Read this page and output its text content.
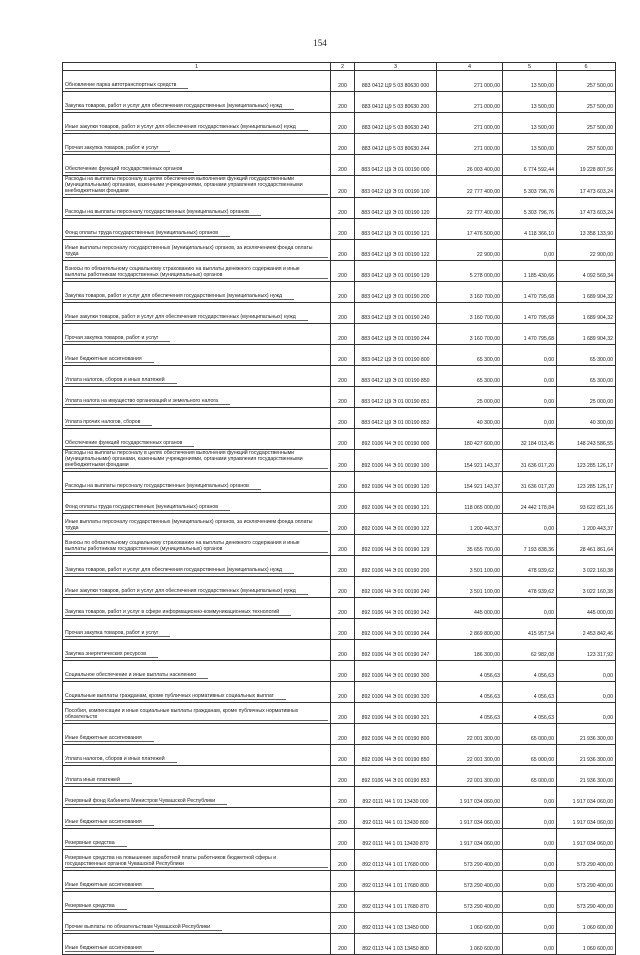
154
1	2	3	4	5	6
Обновление парка автотранспортных средств	200	883 0412 Ц9 5 03 80630 000	271 000,00	13 500,00	257 500,00
Закупка товаров, работ и услуг для обеспечения государственных (муниципальных) нужд	200	883 0412 Ц9 5 03 80630 200	271 000,00	13 500,00	257 500,00
Иные закупки товаров, работ и услуг для обеспечения государственных (муниципальных) нужд	200	883 0412 Ц9 5 03 80630 240	271 000,00	13 500,00	257 500,00
Прочая закупка товаров, работ и услуг	200	883 0412 Ц9 5 03 80630 244	271 000,00	13 500,00	257 500,00
Обеспечение функций государственных органов	200	883 0412 Ц9 Э 01 00190 000	26 003 400,00	6 774 592,44	19 228 807,56
Расходы на выплаты персоналу в целях обеспечения выполнения функций государственными (муниципальными) органами, казенными учреждениями, органами управления государственными внебюджетными фондами	200	883 0412 Ц9 Э 01 00190 100	22 777 400,00	5 303 796,76	17 473 603,24
Расходы на выплаты персоналу государственных (муниципальных) органов	200	883 0412 Ц9 Э 01 00190 120	22 777 400,00	5 303 796,76	17 473 603,24
Фонд оплаты труда государственных (муниципальных) органов	200	883 0412 Ц9 Э 01 00190 121	17 476 500,00	4 118 366,10	13 358 133,90
Иные выплаты персоналу государственных (муниципальных) органов, за исключением фонда оплаты труда	200	883 0412 Ц9 Э 01 00190 122	22 900,00	0,00	22 900,00
Взносы по обязательному социальному страхованию на выплаты денежного содержания и иные выплаты работникам государственных (муниципальных) органов	200	883 0412 Ц9 Э 01 00190 129	5 278 000,00	1 185 430,66	4 092 569,34
Закупка товаров, работ и услуг для обеспечения государственных (муниципальных) нужд	200	883 0412 Ц9 Э 01 00190 200	3 160 700,00	1 470 795,68	1 689 904,32
Иные закупки товаров, работ и услуг для обеспечения государственных (муниципальных) нужд	200	883 0412 Ц9 Э 01 00190 240	3 160 700,00	1 470 795,68	1 689 904,32
Прочая закупка товаров, работ и услуг	200	883 0412 Ц9 Э 01 00190 244	3 160 700,00	1 470 795,68	1 689 904,32
Иные бюджетные ассигнования	200	883 0412 Ц9 Э 01 00190 800	65 300,00	0,00	65 300,00
Уплата налогов, сборов и иных платежей	200	883 0412 Ц9 Э 01 00190 850	65 300,00	0,00	65 300,00
Уплата налога на имущество организаций и земельного налога	200	883 0412 Ц9 Э 01 00190 851	25 000,00	0,00	25 000,00
Уплата прочих налогов, сборов	200	883 0412 Ц9 Э 01 00190 852	40 300,00	0,00	40 300,00
Обеспечение функций государственных органов	200	892 0106 Ч4 Э 01 00190 000	180 427 600,00	32 184 013,45	148 243 586,55
Расходы на выплаты персоналу в целях обеспечения выполнения функций государственными (муниципальными) органами, казенными учреждениями, органами управления государственными внебюджетными фондами	200	892 0106 Ч4 Э 01 00190 100	154 921 143,37	31 636 017,20	123 285 126,17
Расходы на выплаты персоналу государственных (муниципальных) органов	200	892 0106 Ч4 Э 01 00190 120	154 921 143,37	31 636 017,20	123 285 126,17
Фонд оплаты труда государственных (муниципальных) органов	200	892 0106 Ч4 Э 01 00190 121	118 065 000,00	24 442 178,84	93 622 821,16
Иные выплаты персоналу государственных (муниципальных) органов, за исключением фонда оплаты труда	200	892 0106 Ч4 Э 01 00190 122	1 200 443,37	0,00	1 200 443,37
Взносы по обязательному социальному страхованию на выплаты денежного содержания и иные выплаты работникам государственных (муниципальных) органов	200	892 0106 Ч4 Э 01 00190 129	35 655 700,00	7 193 838,36	28 461 861,64
Закупка товаров, работ и услуг для обеспечения государственных (муниципальных) нужд	200	892 0106 Ч4 Э 01 00190 200	3 501 100,00	478 939,62	3 022 160,38
Иные закупки товаров, работ и услуг для обеспечения государственных (муниципальных) нужд	200	892 0106 Ч4 Э 01 00190 240	3 501 100,00	478 939,62	3 022 160,38
Закупка товаров, работ и услуг в сфере информационно-коммуникационных технологий	200	892 0106 Ч4 Э 01 00190 242	445 000,00	0,00	445 000,00
Прочая закупка товаров, работ и услуг	200	892 0106 Ч4 Э 01 00190 244	2 869 800,00	415 957,54	2 453 842,46
Закупка энергетических ресурсов	200	892 0106 Ч4 Э 01 00190 247	186 300,00	62 982,08	123 317,92
Социальное обеспечение и иные выплаты населению	200	892 0106 Ч4 Э 01 00190 300	4 056,63	4 056,63	0,00
Социальные выплаты гражданам, кроме публичных нормативных социальных выплат	200	892 0106 Ч4 Э 01 00190 320	4 056,63	4 056,63	0,00
Пособия, компенсации и иные социальные выплаты гражданам, кроме публичных нормативных обязательств	200	892 0106 Ч4 Э 01 00190 321	4 056,63	4 056,63	0,00
Иные бюджетные ассигнования	200	892 0106 Ч4 Э 01 00190 800	22 001 300,00	65 000,00	21 936 300,00
Уплата налогов, сборов и иных платежей	200	892 0106 Ч4 Э 01 00190 850	22 001 300,00	65 000,00	21 936 300,00
Уплата иных платежей	200	892 0106 Ч4 Э 01 00190 853	22 001 300,00	65 000,00	21 936 300,00
Резервный фонд Кабинета Министров Чувашской Республики	200	892 0111 Ч4 1 01 13430 000	1 917 034 060,00	0,00	1 917 034 060,00
Иные бюджетные ассигнования	200	892 0111 Ч4 1 01 13430 800	1 917 034 060,00	0,00	1 917 034 060,00
Резервные средства	200	892 0111 Ч4 1 01 13430 870	1 917 034 060,00	0,00	1 917 034 060,00
Резервные средства на повышение заработной платы работников бюджетной сферы и государственных органов Чувашской Республики	200	892 0113 Ч4 1 01 17680 000	573 290 400,00	0,00	573 290 400,00
Иные бюджетные ассигнования	200	892 0113 Ч4 1 01 17680 800	573 290 400,00	0,00	573 290 400,00
Резервные средства	200	892 0113 Ч4 1 01 17680 870	573 290 400,00	0,00	573 290 400,00
Прочие выплаты по обязательствам Чувашской Республики	200	892 0113 Ч4 1 03 13450 000	1 060 600,00	0,00	1 060 600,00
Иные бюджетные ассигнования	200	892 0113 Ч4 1 03 13450 800	1 060 600,00	0,00	1 060 600,00
